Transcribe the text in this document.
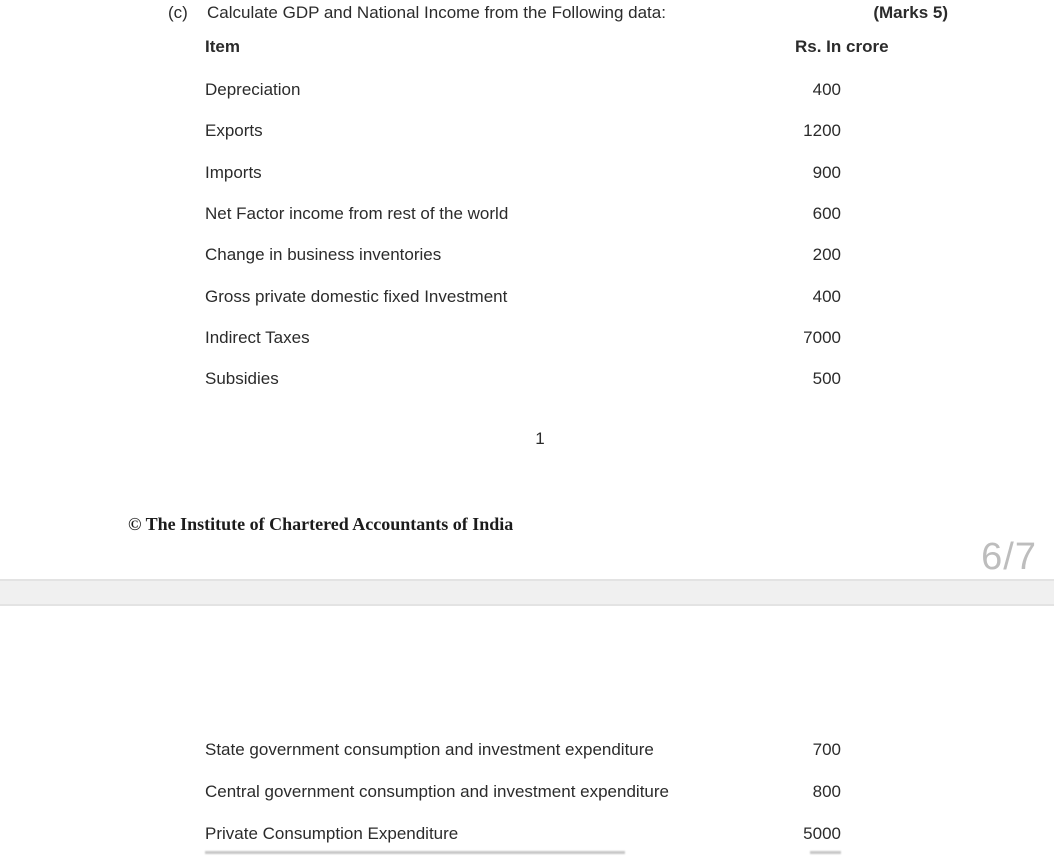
(c) Calculate GDP and National Income from the Following data:	(Marks 5)
Item	Rs. In crore
Depreciation	400
Exports	1200
Imports	900
Net Factor income from rest of the world	600
Change in business inventories	200
Gross private domestic fixed Investment	400
Indirect Taxes	7000
Subsidies	500
1
© The Institute of Chartered Accountants of India
6/7
State government consumption and investment expenditure	700
Central government consumption and investment expenditure	800
Private Consumption Expenditure	5000
